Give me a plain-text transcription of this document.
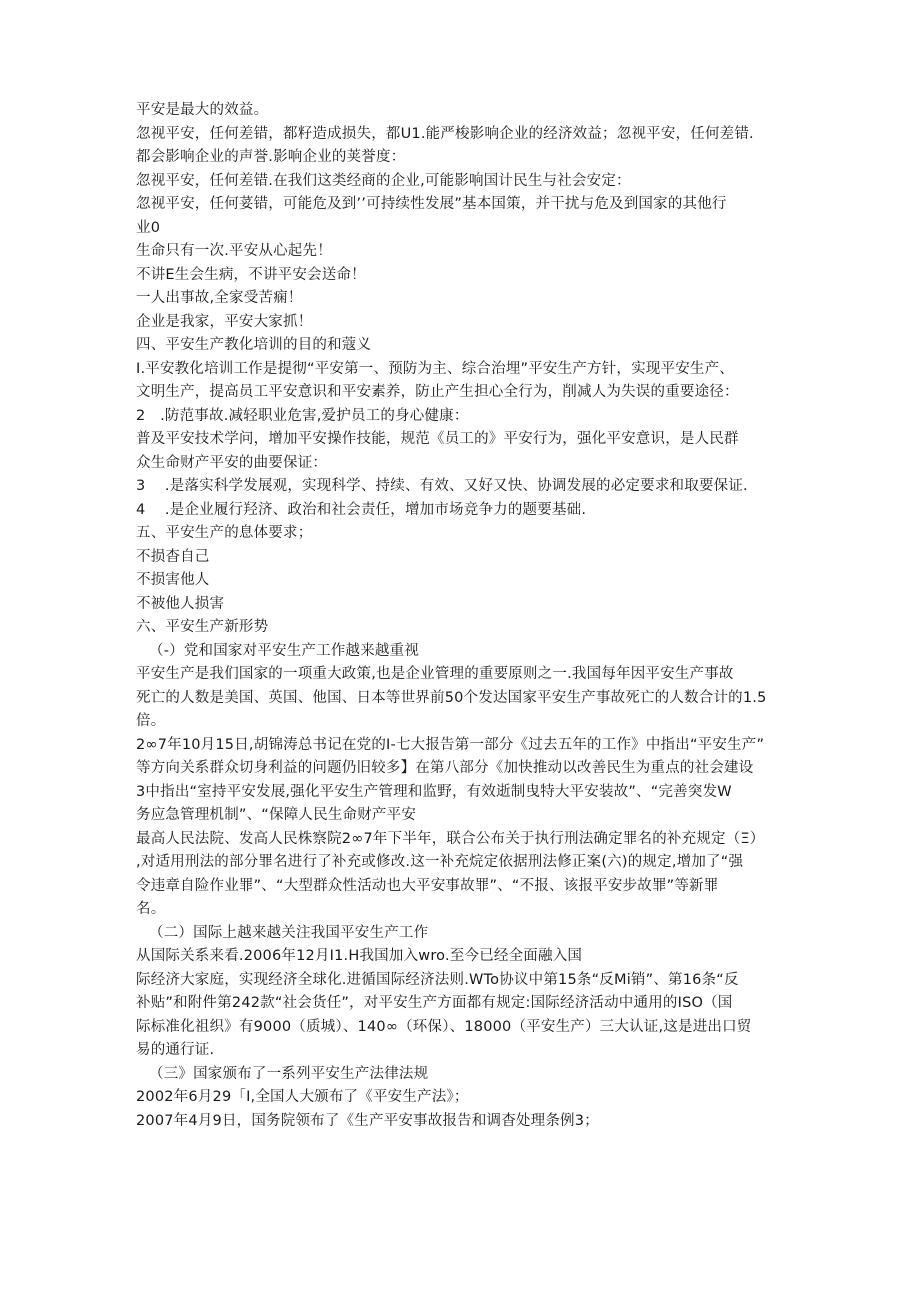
平安是最大的效益。
忽视平安，任何差错，都籽造成损失，都U1.能严梭影响企业的经济效益；忽视平安，任何差错.
都会影响企业的声誉.影响企业的荚誉度：
忽视平安，任何差错.在我们这类经商的企业,可能影响国计民生与社会安定：
忽视平安，任何荽错，可能危及到’’可持续性发展”基本国策，并干扰与危及到国家的其他行
业0
生命只有一次.平安从心起先！
不讲E生会生病，不讲平安会送命！
一人出事故,全家受苦痫！
企业是我家，平安大家抓！
四、平安生产教化培训的目的和蔻义
I.平安教化培训工作是提彻“平安第一、预防为主、综合治埋”平安生产方针，实现平安生产、
文明生产，提高员工平安意识和平安素养，防止产生担心全行为，削减人为失误的重要途径：
2　.防范事故.减轻职业危害,爱护员工的身心健康：
普及平安技术学问，增加平安操作技能，规范《员工的》平安行为，强化平安意识，是人民群
众生命财产平安的曲要保证：
3　 .是落实科学发展观，实现科学、持续、有效、又好又快、协调发展的必定要求和取要保证.
4　 .是企业履行羟济、政治和社会责任，增加市场竞争力的题要基础.
五、平安生产的息体要求；
不损杳自己
不损害他人
不被他人损害
六、平安生产新形势
（-）党和国家对平安生产工作越来越重视
平安生产是我们国家的一项重大政策,也是企业管理的重要原则之一.我国每年因平安生产事故
死亡的人数是美国、英国、他国、日本等世界前50个发达国家平安生产事故死亡的人数合计的1.5
倍。
2∞7年10月15日,胡锦涛总书记在党的I-七大报告第一部分《过去五年的工作》中指出“平安生产”
等方向关系群众切身利益的问题仍旧较多】在第八部分《加快推动以改善民生为重点的社会建设
3中指出“室持平安发展,强化平安生产管理和监野，有效逝制曳特大平安装故”、“完善突发W
务应急管理机制”、“保障人民生命财产平安
最高人民法院、发高人民株察院2∞7年下半年，联合公布关于执行刑法确定罪名的补充规定（Ξ）
,对适用刑法的部分罪名进行了补充或修改.这一补充烷定依据刑法修正案(六)的规定,增加了“强
令违章自险作业罪”、“大型群众性活动也大平安事故罪”、“不报、该报平安步故罪”等新罪
名。
（二）国际上越来越关注我国平安生产工作
从国际关系来看.2006年12月I1.H我国加入wro.至今已经全面融入国
际经济大家庭，实现经济全球化.进循国际经济法则.WTo协议中第15条“反Mi销”、第16条“反
补贴”和附件第242款“社会货任”，对平安生产方面都有规定:国际经济活动中通用的ISO（国
际标准化祖织》有9000（质城）、140∞（环保）、18000（平安生产）三大认证,这是进出口贸
易的通行证.
（三》国家颁布了一系列平安生产法律法规
2002年6月29「I,全国人大颁布了《平安生产法》；
2007年4月9日，国务院领布了《生产平安事故报告和调杳处理条例3；
